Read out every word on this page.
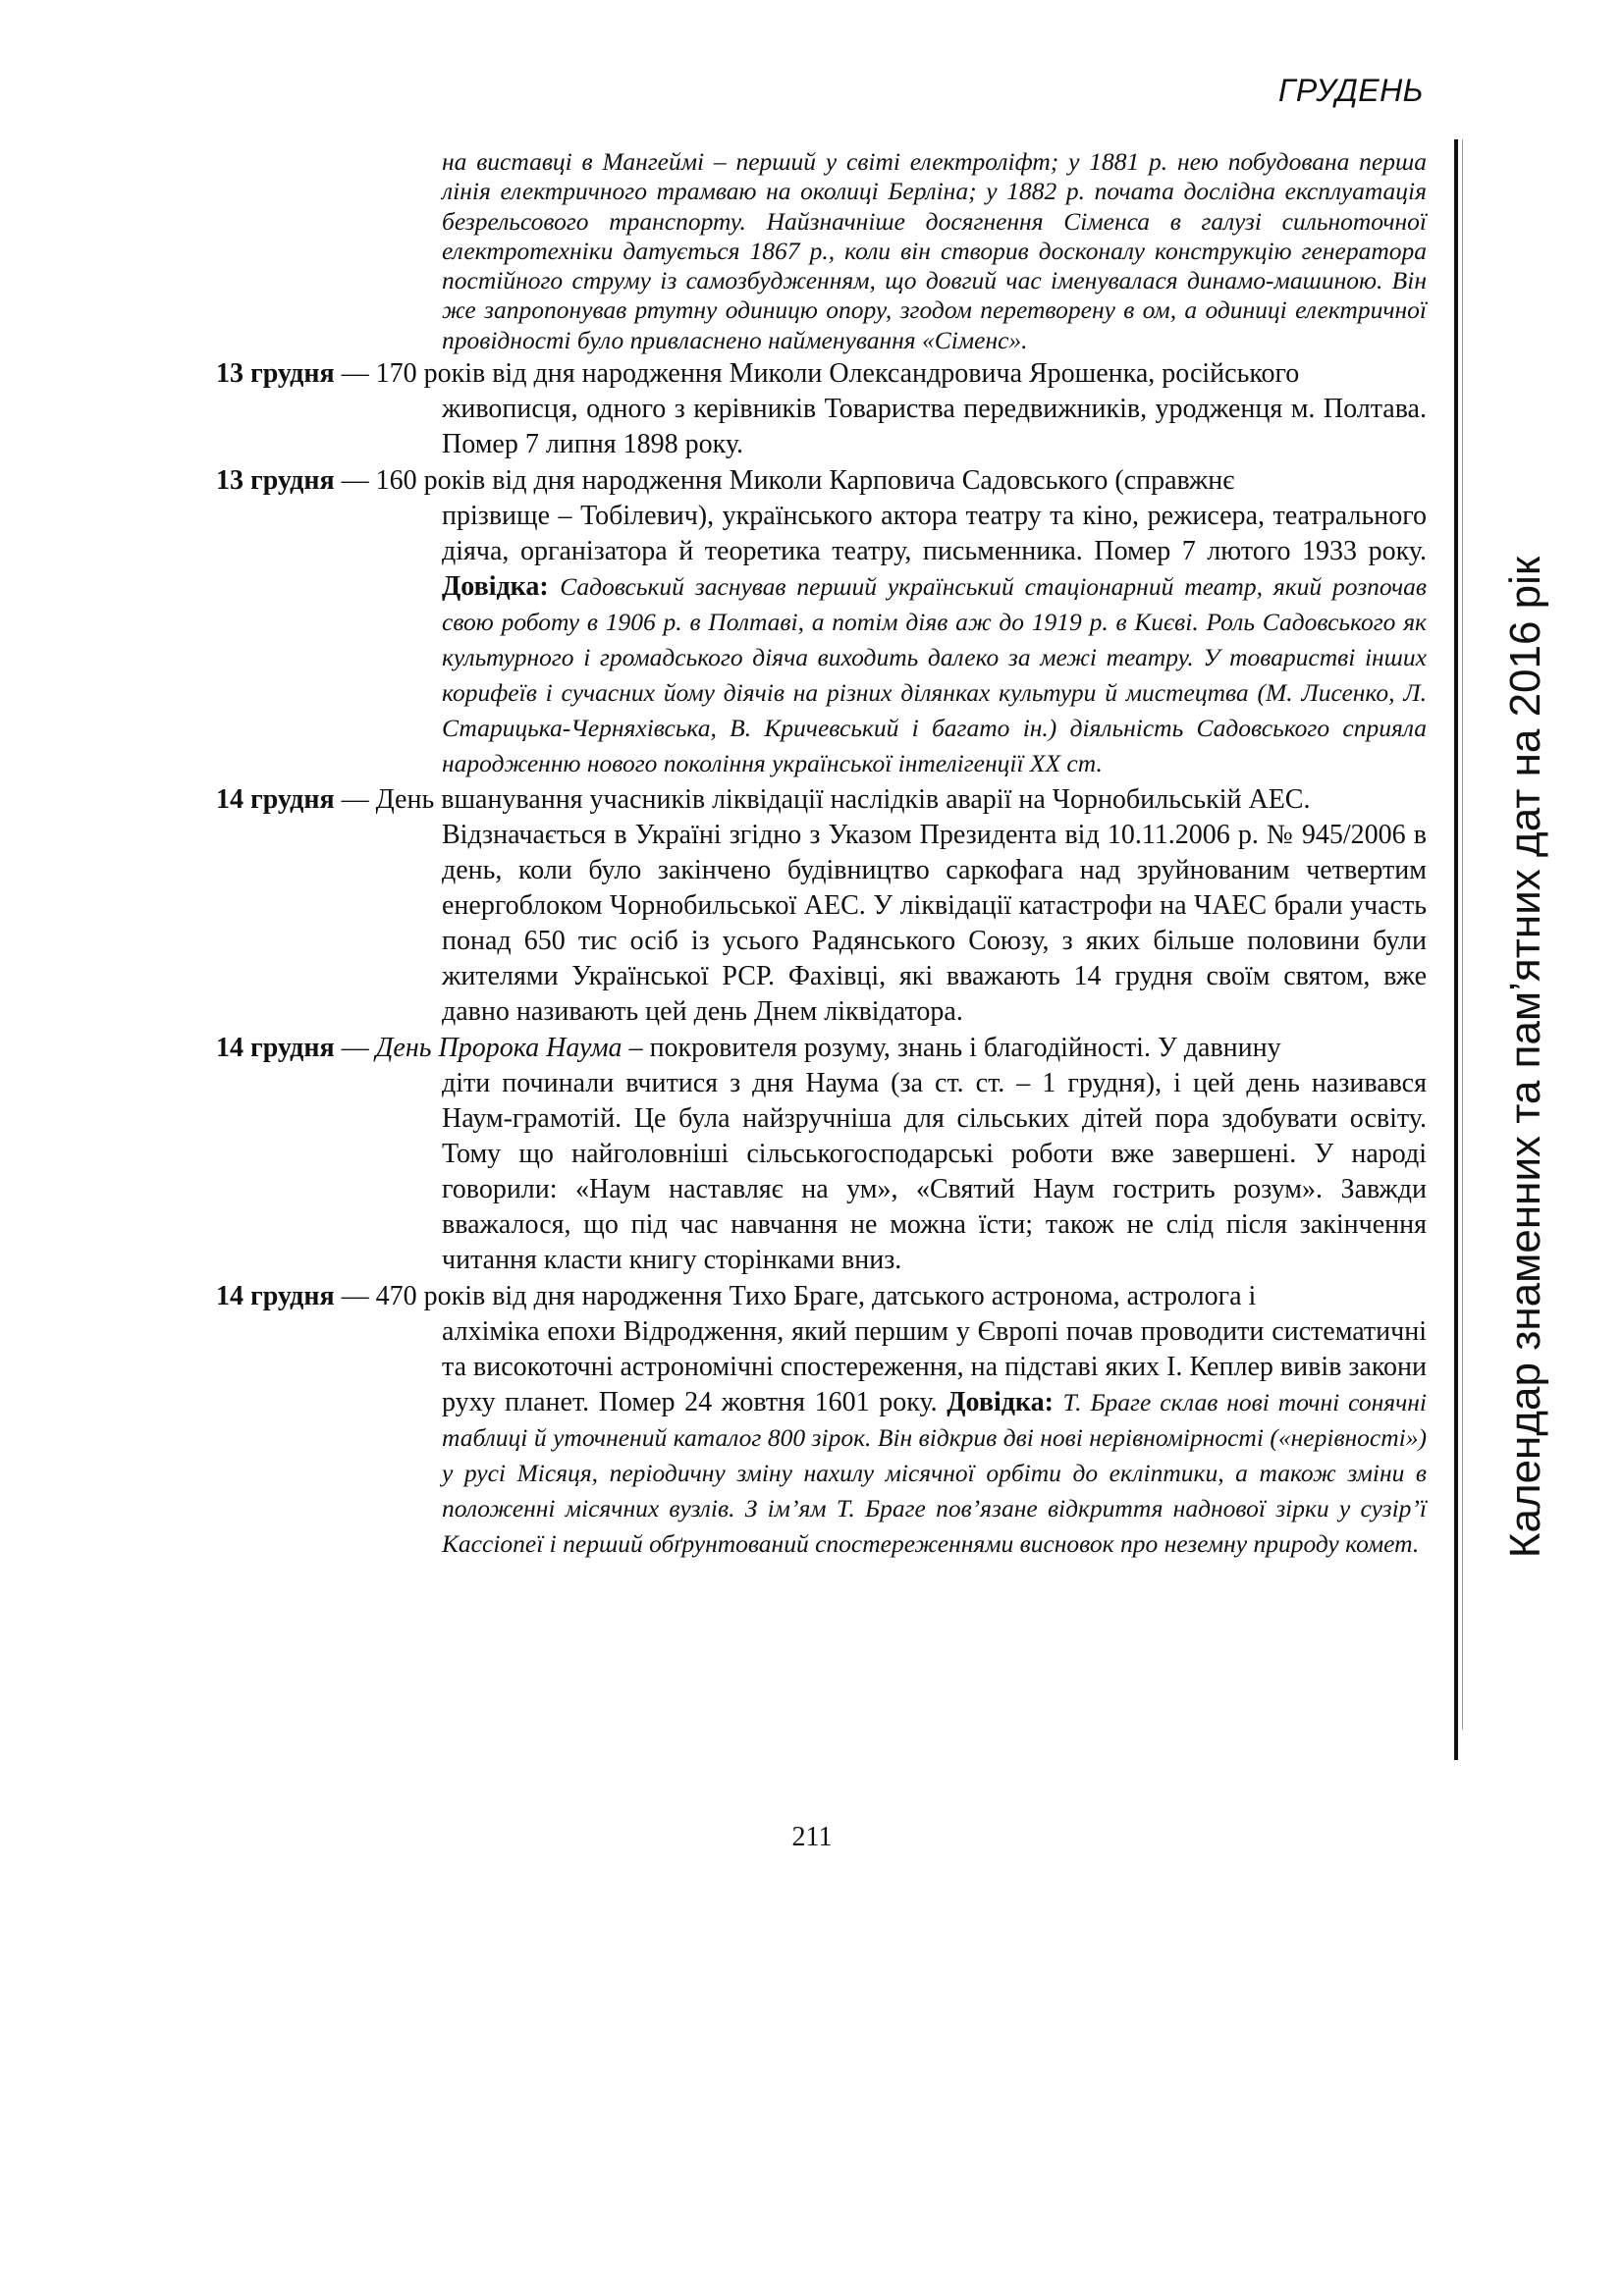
ГРУДЕНЬ
Календар знаменних та пам’ятних дат на 2016 рік
на виставці в Мангеймі – перший у світі електроліфт; у 1881 р. нею побудована перша лінія електричного трамваю на околиці Берліна; у 1882 р. почата дослідна експлуатація безрельсового транспорту. Найзначніше досягнення Сіменса в галузі сильноточної електротехніки датується 1867 р., коли він створив досконалу конструкцію генератора постійного струму із самозбудженням, що довгий час іменувалася динамо-машиною. Він же запропонував ртутну одиницю опору, згодом перетворену в ом, а одиниці електричної провідності було привласнено найменування «Сіменс».
13 грудня — 170 років від дня народження Миколи Олександровича Ярошенка, російського
живописця, одного з керівників Товариства передвижників, уродженця м. Полтава. Помер 7 липня 1898 року.
13 грудня — 160 років від дня народження Миколи Карповича Садовського (справжнє
прізвище – Тобілевич), українського актора театру та кіно, режисера, театрального діяча, організатора й теоретика театру, письменника. Помер 7 лютого 1933 року. Довідка: Садовський заснував перший український стаціонарний театр, який розпочав свою роботу в 1906 р. в Полтаві, а потім діяв аж до 1919 р. в Києві. Роль Садовського як культурного і громадського діяча виходить далеко за межі театру. У товаристві інших корифеїв і сучасних йому діячів на різних ділянках культури й мистецтва (М. Лисенко, Л. Старицька-Черняхівська, В. Кричевський і багато ін.) діяльність Садовського сприяла народженню нового покоління української інтелігенції XX ст.
14 грудня — День вшанування учасників ліквідації наслідків аварії на Чорнобильській АЕС.
Відзначається в Україні згідно з Указом Президента від 10.11.2006 р. № 945/2006 в день, коли було закінчено будівництво саркофага над зруйнованим четвертим енергоблоком Чорнобильської АЕС. У ліквідації катастрофи на ЧАЕС брали участь понад 650 тис осіб із усього Радянського Союзу, з яких більше половини були жителями Української РСР. Фахівці, які вважають 14 грудня своїм святом, вже давно називають цей день Днем ліквідатора.
14 грудня — День Пророка Наума – покровителя розуму, знань і благодійності. У давнину
діти починали вчитися з дня Наума (за ст. ст. – 1 грудня), і цей день називався Наум-грамотій. Це була найзручніша для сільських дітей пора здобувати освіту. Тому що найголовніші сільськогосподарські роботи вже завершені. У народі говорили: «Наум наставляє на ум», «Святий Наум гострить розум». Завжди вважалося, що під час навчання не можна їсти; також не слід після закінчення читання класти книгу сторінками вниз.
14 грудня — 470 років від дня народження Тихо Браге, датського астронома, астролога і
алхіміка епохи Відродження, який першим у Європі почав проводити систематичні та високоточні астрономічні спостереження, на підставі яких І. Кеплер вивів закони руху планет. Помер 24 жовтня 1601 року. Довідка: Т. Браге склав нові точні сонячні таблиці й уточнений каталог 800 зірок. Він відкрив дві нові нерівномірності («нерівності») у русі Місяця, періодичну зміну нахилу місячної орбіти до екліптики, а також зміни в положенні місячних вузлів. З ім’ям Т. Браге пов’язане відкриття наднової зірки у сузір’ї Кассіопеї і перший обґрунтований спостереженнями висновок про неземну природу комет.
211
